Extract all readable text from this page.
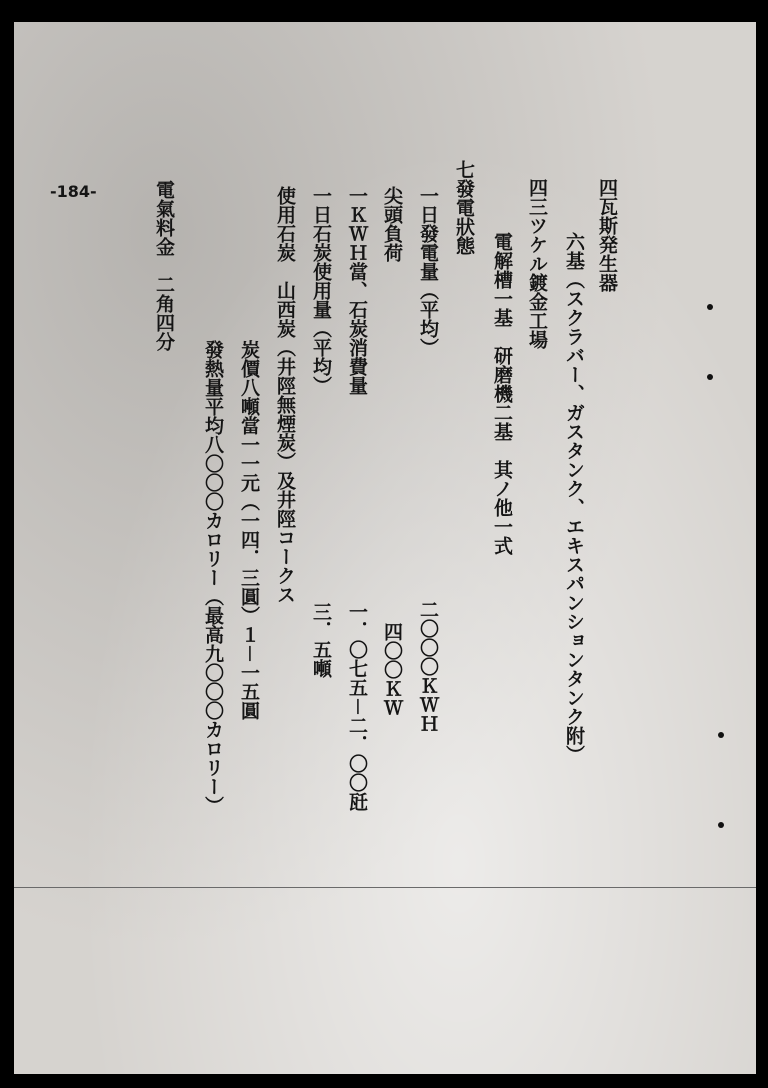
-184-	四瓦斯発生器
六基（スクラバー、ガスタンク、エキスパンションタンク附）
四三ツケル鍍金工場
電解槽一基　研磨機二基　其ノ他一式
七發電狀態
一日發電量（平均）
二〇〇〇ＫＷＨ
尖頭負荷
四〇〇ＫＷ
一ＫＷＨ當、石炭消費量
一．〇七五－二．〇〇瓩
一日石炭使用量（平均）
三．五噸
使用石炭　山西炭（井陘無煙炭）及井陘コークス
炭價八噸當一一元（一四．三圓）１－一五圓
發熱量平均八〇〇〇カロリー（最高九〇〇〇カロリー）
電氣料金　二角四分
